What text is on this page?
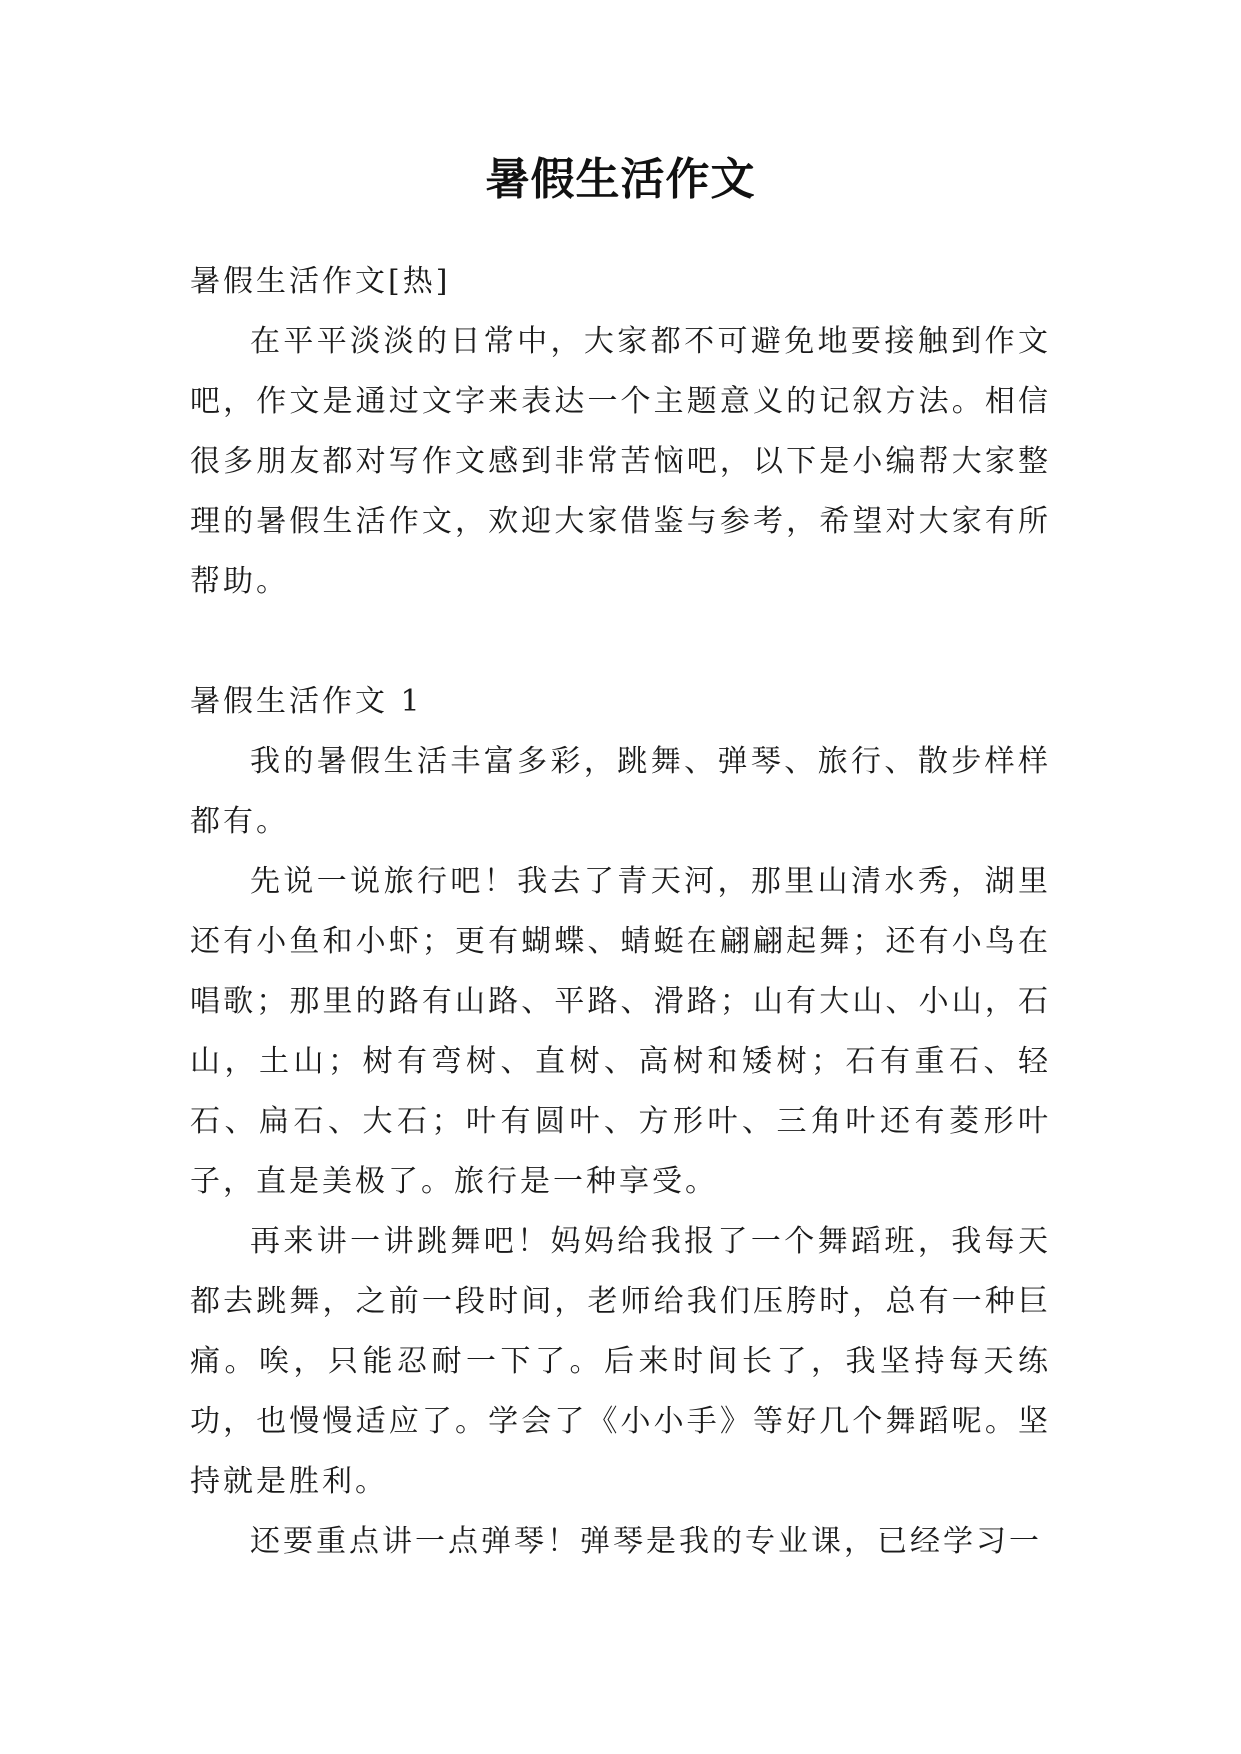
暑假生活作文

暑假生活作文[热]

在平平淡淡的日常中，大家都不可避免地要接触到作文吧，作文是通过文字来表达一个主题意义的记叙方法。相信很多朋友都对写作文感到非常苦恼吧，以下是小编帮大家整理的暑假生活作文，欢迎大家借鉴与参考，希望对大家有所帮助。

暑假生活作文 1

我的暑假生活丰富多彩，跳舞、弹琴、旅行、散步样样都有。

先说一说旅行吧！我去了青天河，那里山清水秀，湖里还有小鱼和小虾；更有蝴蝶、蜻蜓在翩翩起舞；还有小鸟在唱歌；那里的路有山路、平路、滑路；山有大山、小山，石山，土山；树有弯树、直树、高树和矮树；石有重石、轻石、扁石、大石；叶有圆叶、方形叶、三角叶还有菱形叶子，直是美极了。旅行是一种享受。

再来讲一讲跳舞吧！妈妈给我报了一个舞蹈班，我每天都去跳舞，之前一段时间，老师给我们压胯时，总有一种巨痛。唉，只能忍耐一下了。后来时间长了，我坚持每天练功，也慢慢适应了。学会了《小小手》等好几个舞蹈呢。坚持就是胜利。

还要重点讲一点弹琴！弹琴是我的专业课，已经学习一
